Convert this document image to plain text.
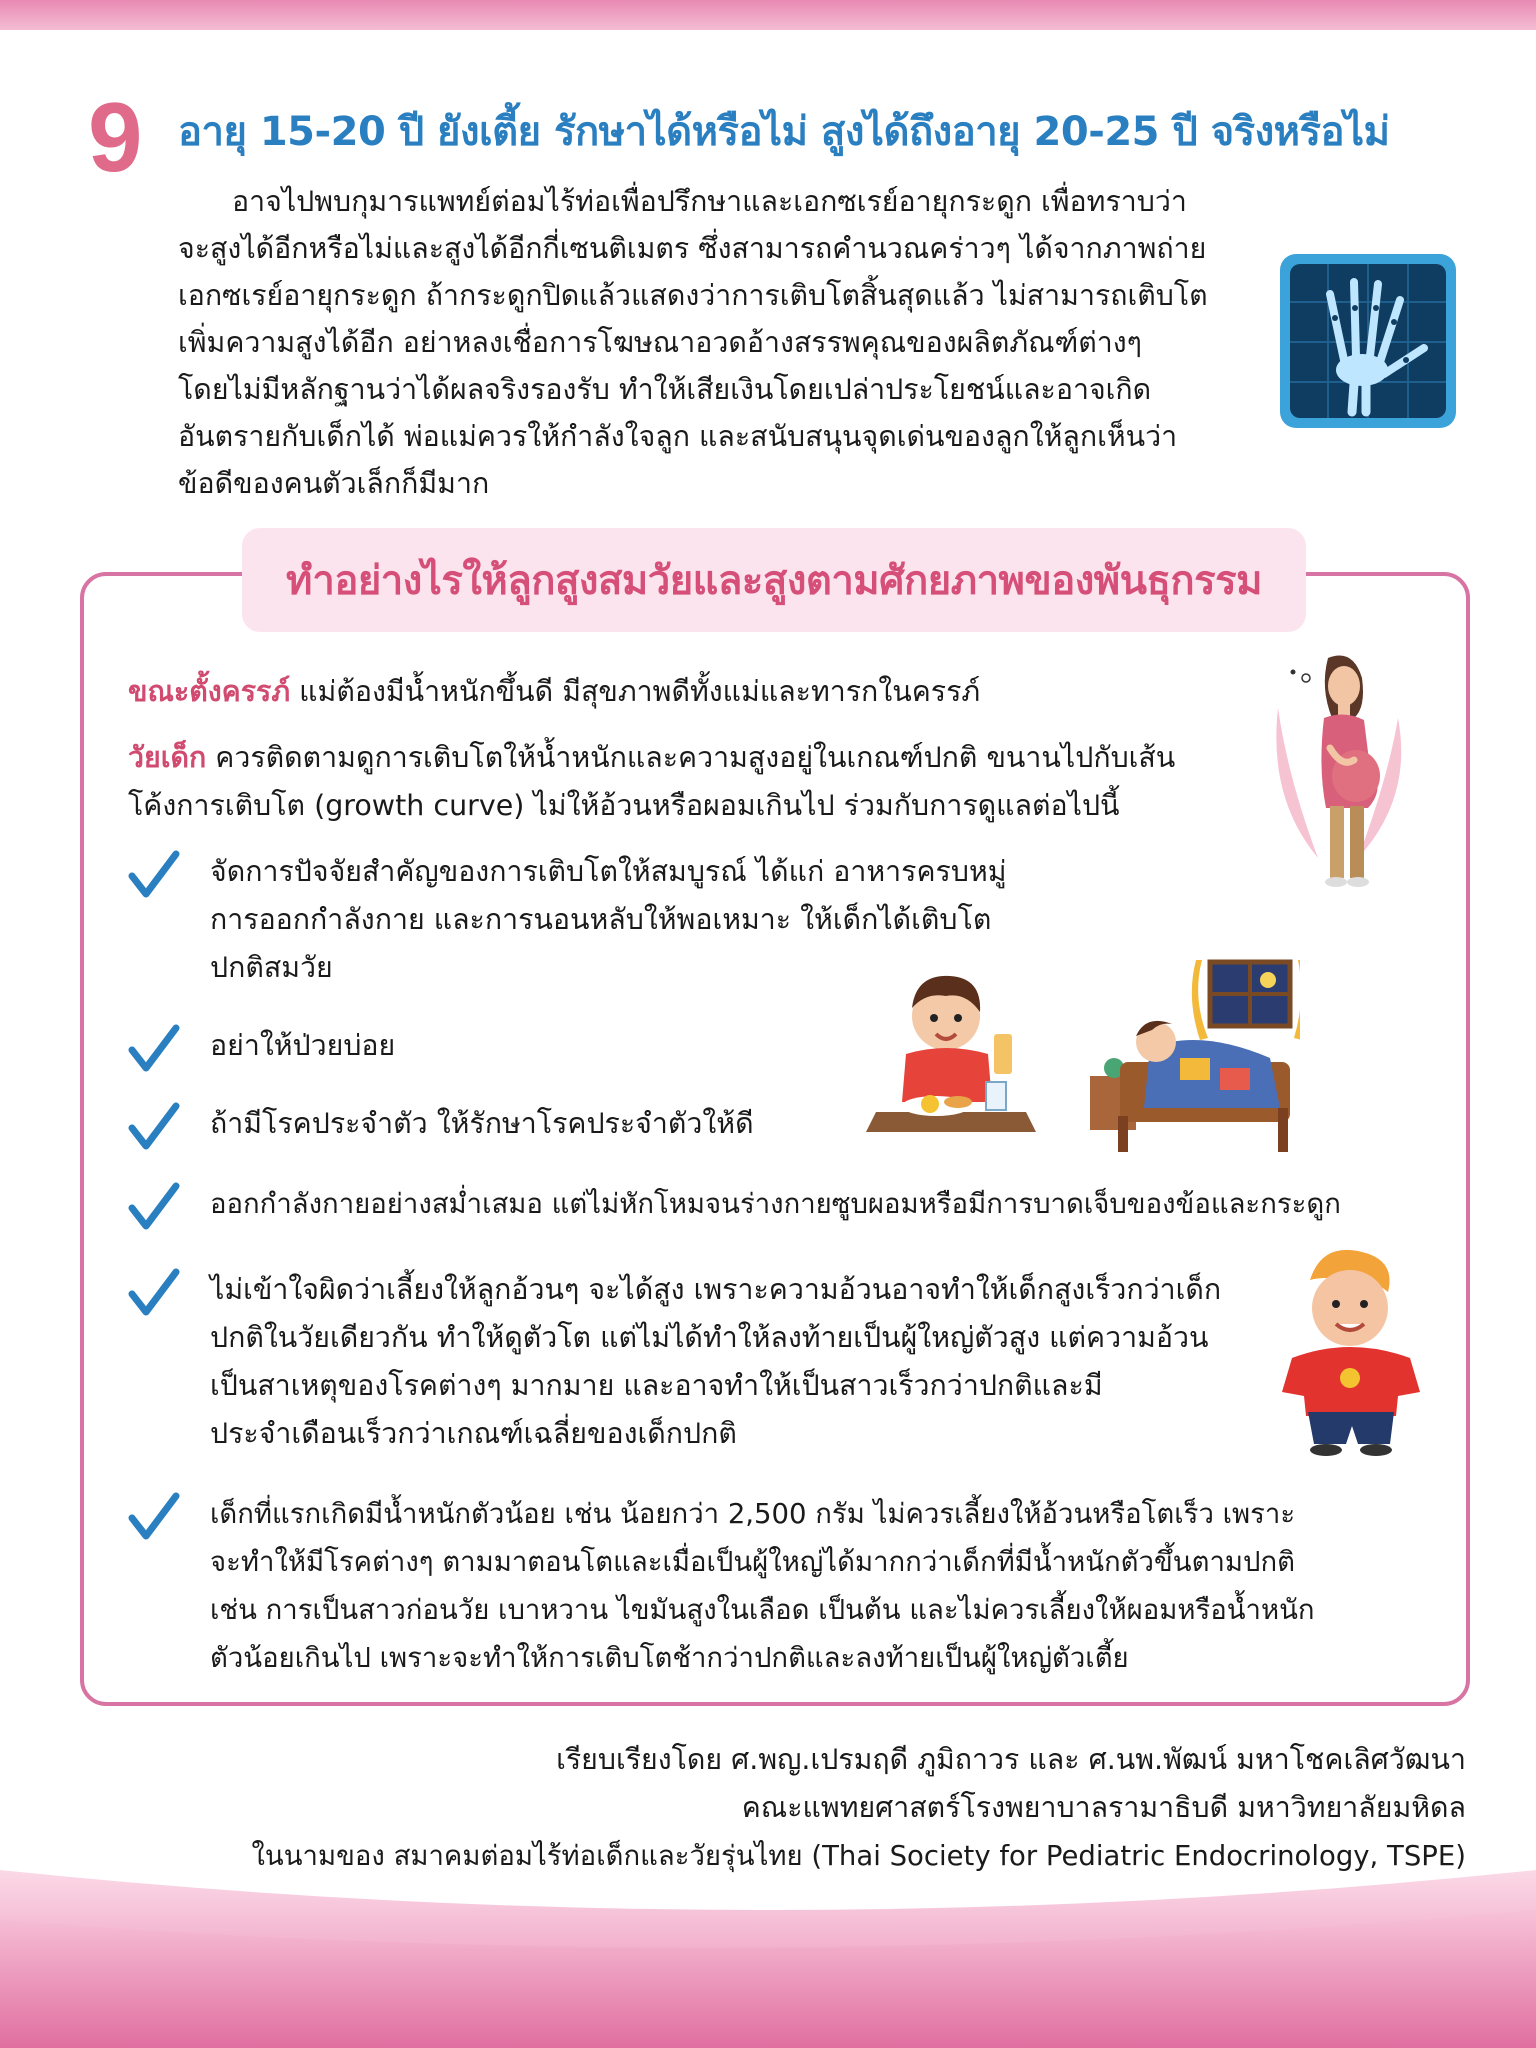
9 อายุ 15-20 ปี ยังเตี้ย รักษาได้หรือไม่ สูงได้ถึงอายุ 20-25 ปี จริงหรือไม่
อาจไปพบกุมารแพทย์ต่อมไร้ท่อเพื่อปรึกษาและเอกซเรย์อายุกระดูก เพื่อทราบว่า
จะสูงได้อีกหรือไม่และสูงได้อีกกี่เซนติเมตร ซึ่งสามารถคำนวณคร่าวๆ ได้จากภาพถ่าย
เอกซเรย์อายุกระดูก ถ้ากระดูกปิดแล้วแสดงว่าการเติบโตสิ้นสุดแล้ว ไม่สามารถเติบโต
เพิ่มความสูงได้อีก อย่าหลงเชื่อการโฆษณาอวดอ้างสรรพคุณของผลิตภัณฑ์ต่างๆ
โดยไม่มีหลักฐานว่าได้ผลจริงรองรับ ทำให้เสียเงินโดยเปล่าประโยชน์และอาจเกิด
อันตรายกับเด็กได้ พ่อแม่ควรให้กำลังใจลูก และสนับสนุนจุดเด่นของลูกให้ลูกเห็นว่า
ข้อดีของคนตัวเล็กก็มีมาก
ทำอย่างไรให้ลูกสูงสมวัยและสูงตามศักยภาพของพันธุกรรม
ขณะตั้งครรภ์ แม่ต้องมีน้ำหนักขึ้นดี มีสุขภาพดีทั้งแม่และทารกในครรภ์
วัยเด็ก ควรติดตามดูการเติบโตให้น้ำหนักและความสูงอยู่ในเกณฑ์ปกติ ขนานไปกับเส้น
โค้งการเติบโต (growth curve) ไม่ให้อ้วนหรือผอมเกินไป ร่วมกับการดูแลต่อไปนี้
จัดการปัจจัยสำคัญของการเติบโตให้สมบูรณ์ ได้แก่ อาหารครบหมู่
การออกกำลังกาย และการนอนหลับให้พอเหมาะ ให้เด็กได้เติบโต
ปกติสมวัย
อย่าให้ป่วยบ่อย
ถ้ามีโรคประจำตัว ให้รักษาโรคประจำตัวให้ดี
ออกกำลังกายอย่างสม่ำเสมอ แต่ไม่หักโหมจนร่างกายซูบผอมหรือมีการบาดเจ็บของข้อและกระดูก
ไม่เข้าใจผิดว่าเลี้ยงให้ลูกอ้วนๆ จะได้สูง เพราะความอ้วนอาจทำให้เด็กสูงเร็วกว่าเด็ก
ปกติในวัยเดียวกัน ทำให้ดูตัวโต แต่ไม่ได้ทำให้ลงท้ายเป็นผู้ใหญ่ตัวสูง แต่ความอ้วน
เป็นสาเหตุของโรคต่างๆ มากมาย และอาจทำให้เป็นสาวเร็วกว่าปกติและมี
ประจำเดือนเร็วกว่าเกณฑ์เฉลี่ยของเด็กปกติ
เด็กที่แรกเกิดมีน้ำหนักตัวน้อย เช่น น้อยกว่า 2,500 กรัม ไม่ควรเลี้ยงให้อ้วนหรือโตเร็ว เพราะ
จะทำให้มีโรคต่างๆ ตามมาตอนโตและเมื่อเป็นผู้ใหญ่ได้มากกว่าเด็กที่มีน้ำหนักตัวขึ้นตามปกติ
เช่น การเป็นสาวก่อนวัย เบาหวาน ไขมันสูงในเลือด เป็นต้น และไม่ควรเลี้ยงให้ผอมหรือน้ำหนัก
ตัวน้อยเกินไป เพราะจะทำให้การเติบโตช้ากว่าปกติและลงท้ายเป็นผู้ใหญ่ตัวเตี้ย
เรียบเรียงโดย ศ.พญ.เปรมฤดี ภูมิถาวร และ ศ.นพ.พัฒน์ มหาโชคเลิศวัฒนา
คณะแพทยศาสตร์โรงพยาบาลรามาธิบดี มหาวิทยาลัยมหิดล
ในนามของ สมาคมต่อมไร้ท่อเด็กและวัยรุ่นไทย (Thai Society for Pediatric Endocrinology, TSPE)
